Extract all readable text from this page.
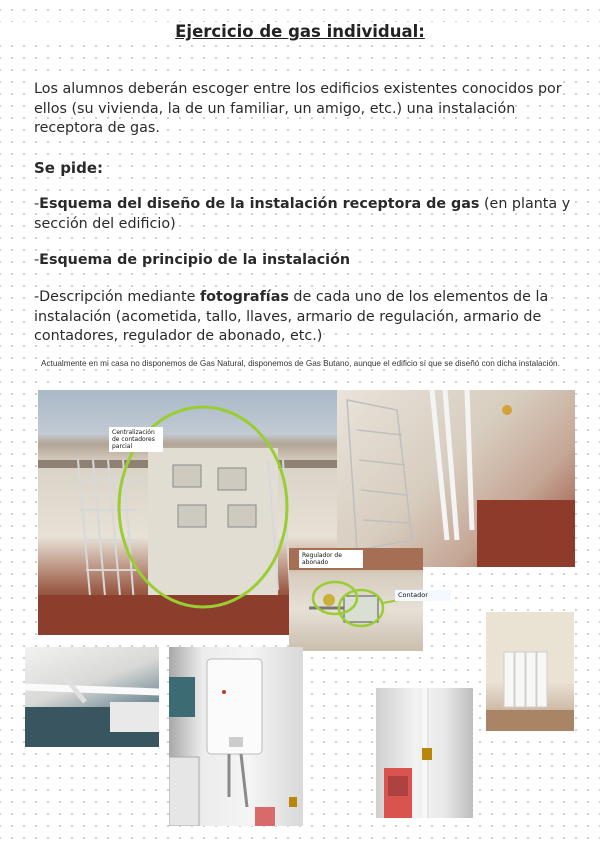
Ejercicio de gas individual:
Los alumnos deberán escoger entre los edificios existentes conocidos por ellos (su vivienda, la de un familiar, un amigo, etc.) una instalación receptora de gas.
Se pide:
-Esquema del diseño de la instalación receptora de gas (en planta y sección del edificio)
-Esquema de principio de la instalación
-Descripción mediante fotografías de cada uno de los elementos de la instalación (acometida, tallo, llaves, armario de regulación, armario de contadores, regulador de abonado, etc.)
Actualmente en mi casa no disponemos de Gas Natural, disponemos de Gas Butano, aunque el edificio sí que se diseñó con dicha instalación.
Centralización de contadores parcial
Regulador de abonado
Contador
